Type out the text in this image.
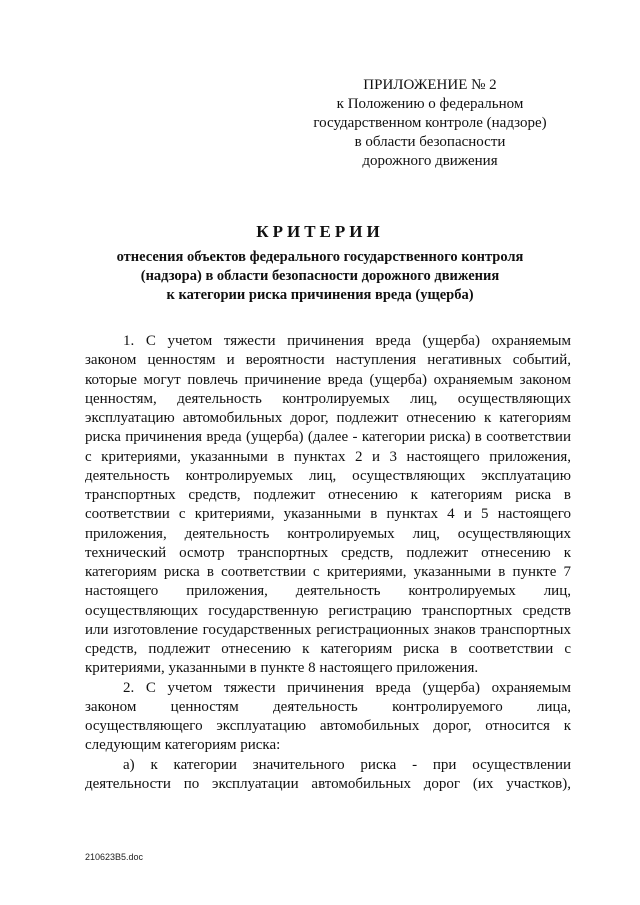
ПРИЛОЖЕНИЕ № 2
к Положению о федеральном
государственном контроле (надзоре)
в области безопасности
дорожного движения
КРИТЕРИИ
отнесения объектов федерального государственного контроля
(надзора) в области безопасности дорожного движения
к категории риска причинения вреда (ущерба)
1. С учетом тяжести причинения вреда (ущерба) охраняемым
законом ценностям и вероятности наступления негативных событий,
которые могут повлечь причинение вреда (ущерба) охраняемым законом
ценностям, деятельность контролируемых лиц, осуществляющих
эксплуатацию автомобильных дорог, подлежит отнесению к категориям
риска причинения вреда (ущерба) (далее - категории риска) в соответствии
с критериями, указанными в пунктах 2 и 3 настоящего приложения,
деятельность контролируемых лиц, осуществляющих эксплуатацию
транспортных средств, подлежит отнесению к категориям риска в
соответствии с критериями, указанными в пунктах 4 и 5 настоящего
приложения, деятельность контролируемых лиц, осуществляющих
технический осмотр транспортных средств, подлежит отнесению к
категориям риска в соответствии с критериями, указанными в пункте 7
настоящего приложения, деятельность контролируемых лиц,
осуществляющих государственную регистрацию транспортных средств
или изготовление государственных регистрационных знаков транспортных
средств, подлежит отнесению к категориям риска в соответствии с
критериями, указанными в пункте 8 настоящего приложения.
2. С учетом тяжести причинения вреда (ущерба) охраняемым
законом ценностям деятельность контролируемого лица,
осуществляющего эксплуатацию автомобильных дорог, относится к
следующим категориям риска:
а) к категории значительного риска - при осуществлении
деятельности по эксплуатации автомобильных дорог (их участков),
210623B5.doc
